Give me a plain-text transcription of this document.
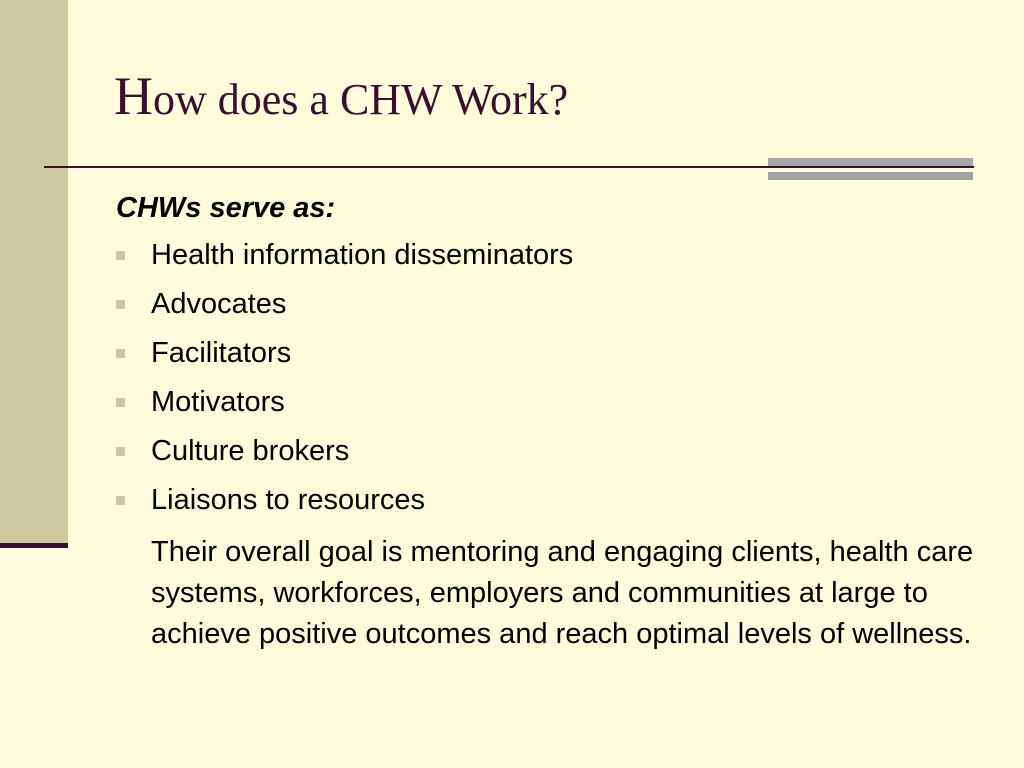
How does a CHW Work?
CHWs serve as:
Health information disseminators
Advocates
Facilitators
Motivators
Culture brokers
Liaisons to resources

Their overall goal is mentoring and engaging clients, health care systems, workforces, employers and communities at large to achieve positive outcomes and reach optimal levels of wellness.
